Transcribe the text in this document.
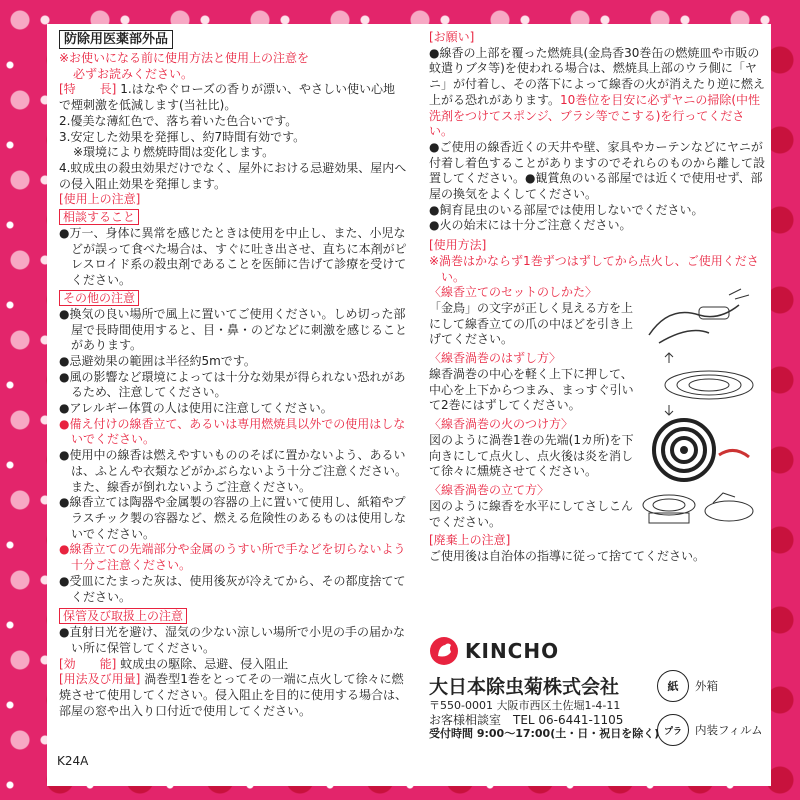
防除用医薬部外品

※お使いになる前に使用方法と使用上の注意を

必ずお読みください。

[特　　長] 1.はなやぐローズの香りが漂い、やさしい使い心地で煙刺激を低減します(当社比)。

2.優美な薄紅色で、落ち着いた色合いです。

3.安定した効果を発揮し、約7時間有効です。

※環境により燃焼時間は変化します。

4.蚊成虫の殺虫効果だけでなく、屋外における忌避効果、屋内への侵入阻止効果を発揮します。

[使用上の注意]

相談すること

●万一、身体に異常を感じたときは使用を中止し、また、小児などが誤って食べた場合は、すぐに吐き出させ、直ちに本剤がピレスロイド系の殺虫剤であることを医師に告げて診療を受けてください。

その他の注意

●換気の良い場所で風上に置いてご使用ください。しめ切った部屋で長時間使用すると、目・鼻・のどなどに刺激を感じることがあります。

●忌避効果の範囲は半径約5mです。

●風の影響など環境によっては十分な効果が得られない恐れがあるため、注意してください。

●アレルギー体質の人は使用に注意してください。

●備え付けの線香立て、あるいは専用燃焼具以外での使用はしないでください。

●使用中の線香は燃えやすいもののそばに置かないよう、あるいは、ふとんや衣類などがかぶらないよう十分ご注意ください。また、線香が倒れないようご注意ください。

●線香立ては陶器や金属製の容器の上に置いて使用し、紙箱やプラスチック製の容器など、燃える危険性のあるものは使用しないでください。

●線香立ての先端部分や金属のうすい所で手などを切らないよう十分ご注意ください。

●受皿にたまった灰は、使用後灰が冷えてから、その都度捨ててください。

保管及び取扱上の注意

●直射日光を避け、湿気の少ない涼しい場所で小児の手の届かない所に保管してください。

[効　　能] 蚊成虫の駆除、忌避、侵入阻止

[用法及び用量] 渦巻型1巻をとってその一端に点火して徐々に燃焼させて使用してください。侵入阻止を目的に使用する場合は、部屋の窓や出入り口付近で使用してください。

[お願い]

●線香の上部を覆った燃焼具(金鳥香30巻缶の燃焼皿や市販の蚊遣りブタ等)を使われる場合は、燃焼具上部のウラ側に「ヤニ」が付着し、その落下によって線香の火が消えたり逆に燃え上がる恐れがあります。10巻位を目安に必ずヤニの掃除(中性洗剤をつけてスポンジ、ブラシ等でこする)を行ってください。

●ご使用の線香近くの天井や壁、家具やカーテンなどにヤニが付着し着色することがありますのでそれらのものから離して設置してください。●観賞魚のいる部屋では近くで使用せず、部屋の換気をよくしてください。

●飼育昆虫のいる部屋では使用しないでください。

●火の始末には十分ご注意ください。

[使用方法]

※渦巻はかならず1巻ずつはずしてから点火し、ご使用ください。

〈線香立てのセットのしかた〉

「金鳥」の文字が正しく見える方を上にして線香立ての爪の中ほどを引き上げてください。

〈線香渦巻のはずし方〉

線香渦巻の中心を軽く上下に押して、中心を上下からつまみ、まっすぐ引いて2巻にはずしてください。

〈線香渦巻の火のつけ方〉

図のように渦巻1巻の先端(1カ所)を下向きにして点火し、点火後は炎を消して徐々に燻焼させてください。

〈線香渦巻の立て方〉

図のように線香を水平にしてさしこんでください。

[廃棄上の注意]

ご使用後は自治体の指導に従って捨ててください。

KINCHO
大日本除虫菊株式会社
〒550-0001 大阪市西区土佐堀1-4-11
お客様相談室　TEL 06-6441-1105
受付時間 9:00～17:00(土・日・祝日を除く)
紙	外箱
プラ	内装フィルム
K24A
